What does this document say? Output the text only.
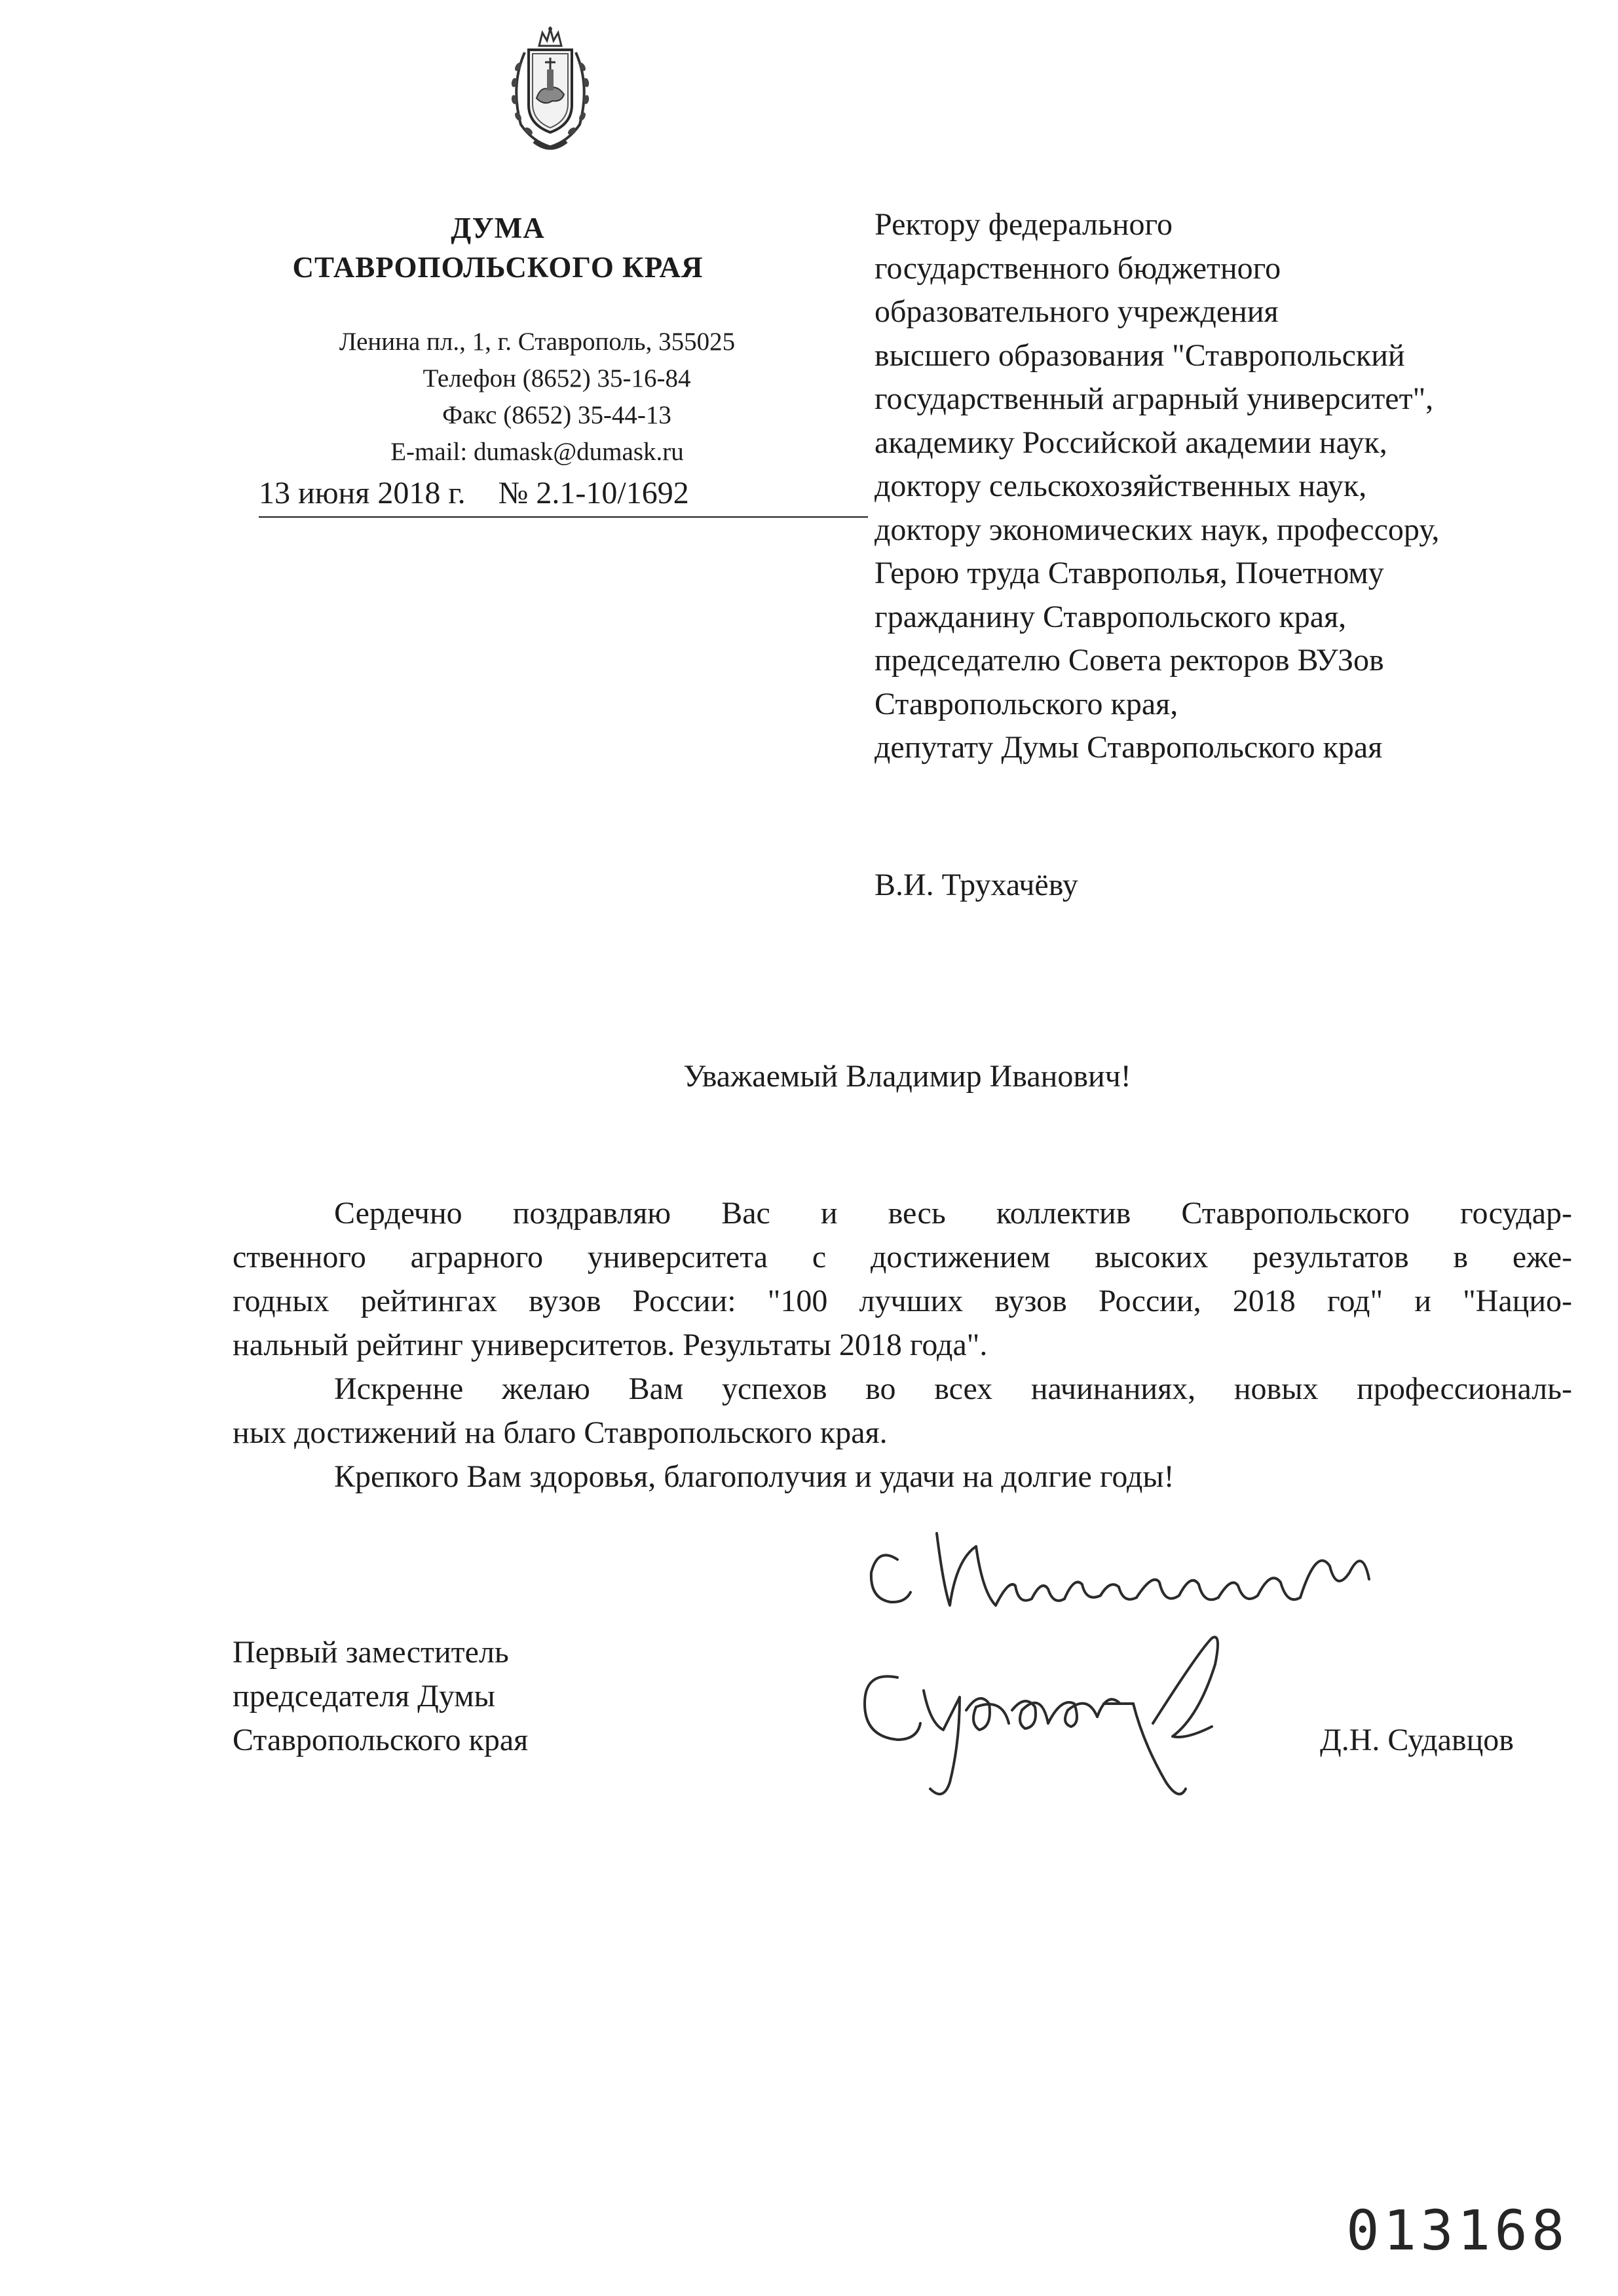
ДУМА
СТАВРОПОЛЬСКОГО КРАЯ
Ленина пл., 1, г. Ставрополь, 355025
Телефон (8652) 35-16-84
Факс (8652) 35-44-13
E-mail: dumask@dumask.ru
13 июня 2018 г. № 2.1-10/1692
Ректору федерального
государственного бюджетного
образовательного учреждения
высшего образования "Ставропольский
государственный аграрный университет",
академику Российской академии наук,
доктору сельскохозяйственных наук,
доктору экономических наук, профессору,
Герою труда Ставрополья, Почетному
гражданину Ставропольского края,
председателю Совета ректоров ВУЗов
Ставропольского края,
депутату Думы Ставропольского края
В.И. Трухачёву
Уважаемый Владимир Иванович!
Сердечно поздравляю Вас и весь коллектив Ставропольского государ-
ственного аграрного университета с достижением высоких результатов в еже-
годных рейтингах вузов России: "100 лучших вузов России, 2018 год" и "Нацио-
нальный рейтинг университетов. Результаты 2018 года".
Искренне желаю Вам успехов во всех начинаниях, новых профессиональ-
ных достижений на благо Ставропольского края.
Крепкого Вам здоровья, благополучия и удачи на долгие годы!
Первый заместитель
председателя Думы
Ставропольского края	Д.Н. Судавцов
013168
